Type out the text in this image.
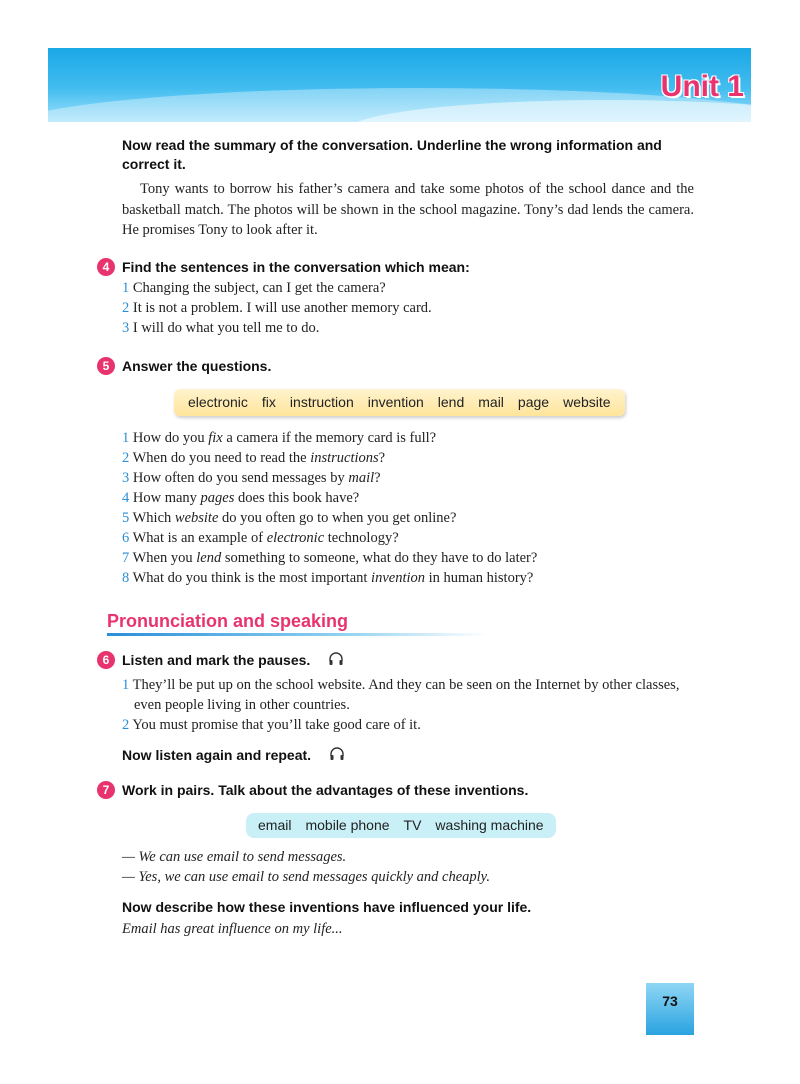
Unit 1
Now read the summary of the conversation. Underline the wrong information and correct it.
Tony wants to borrow his father’s camera and take some photos of the school dance and the basketball match. The photos will be shown in the school magazine. Tony’s dad lends the camera. He promises Tony to look after it.
4 Find the sentences in the conversation which mean:
1 Changing the subject, can I get the camera?
2 It is not a problem. I will use another memory card.
3 I will do what you tell me to do.
5 Answer the questions.
electronic fix instruction invention lend mail page website
1 How do you fix a camera if the memory card is full?
2 When do you need to read the instructions?
3 How often do you send messages by mail?
4 How many pages does this book have?
5 Which website do you often go to when you get online?
6 What is an example of electronic technology?
7 When you lend something to someone, what do they have to do later?
8 What do you think is the most important invention in human history?
Pronunciation and speaking
6 Listen and mark the pauses.
1 They’ll be put up on the school website. And they can be seen on the Internet by other classes, even people living in other countries.
2 You must promise that you’ll take good care of it.
Now listen again and repeat.
7 Work in pairs. Talk about the advantages of these inventions.
email mobile phone TV washing machine
— We can use email to send messages.
— Yes, we can use email to send messages quickly and cheaply.
Now describe how these inventions have influenced your life.
Email has great influence on my life...
73
